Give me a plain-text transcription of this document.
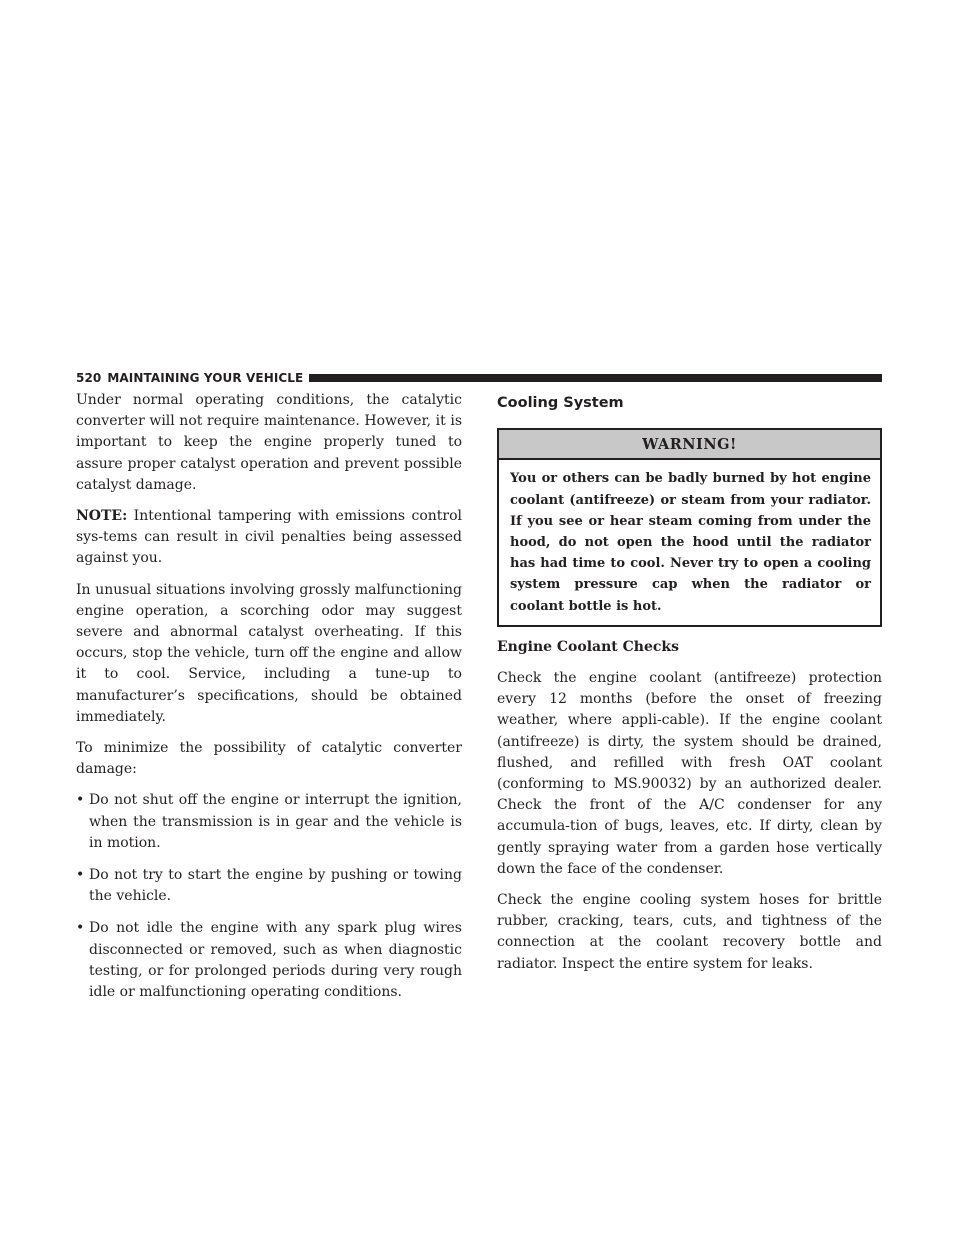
520 MAINTAINING YOUR VEHICLE

Under normal operating conditions, the catalytic converter will not require maintenance. However, it is important to keep the engine properly tuned to assure proper catalyst operation and prevent possible catalyst damage.

NOTE: Intentional tampering with emissions control sys-tems can result in civil penalties being assessed against you.

In unusual situations involving grossly malfunctioning engine operation, a scorching odor may suggest severe and abnormal catalyst overheating. If this occurs, stop the vehicle, turn off the engine and allow it to cool. Service, including a tune-up to manufacturer’s specifications, should be obtained immediately.

To minimize the possibility of catalytic converter damage:

• Do not shut off the engine or interrupt the ignition, when the transmission is in gear and the vehicle is in motion.
• Do not try to start the engine by pushing or towing the vehicle.
• Do not idle the engine with any spark plug wires disconnected or removed, such as when diagnostic testing, or for prolonged periods during very rough idle or malfunctioning operating conditions.
Cooling System
WARNING!
You or others can be badly burned by hot engine coolant (antifreeze) or steam from your radiator. If you see or hear steam coming from under the hood, do not open the hood until the radiator has had time to cool. Never try to open a cooling system pressure cap when the radiator or coolant bottle is hot.
Engine Coolant Checks

Check the engine coolant (antifreeze) protection every 12 months (before the onset of freezing weather, where appli-cable). If the engine coolant (antifreeze) is dirty, the system should be drained, flushed, and refilled with fresh OAT coolant (conforming to MS.90032) by an authorized dealer. Check the front of the A/C condenser for any accumula-tion of bugs, leaves, etc. If dirty, clean by gently spraying water from a garden hose vertically down the face of the condenser.

Check the engine cooling system hoses for brittle rubber, cracking, tears, cuts, and tightness of the connection at the coolant recovery bottle and radiator. Inspect the entire system for leaks.
